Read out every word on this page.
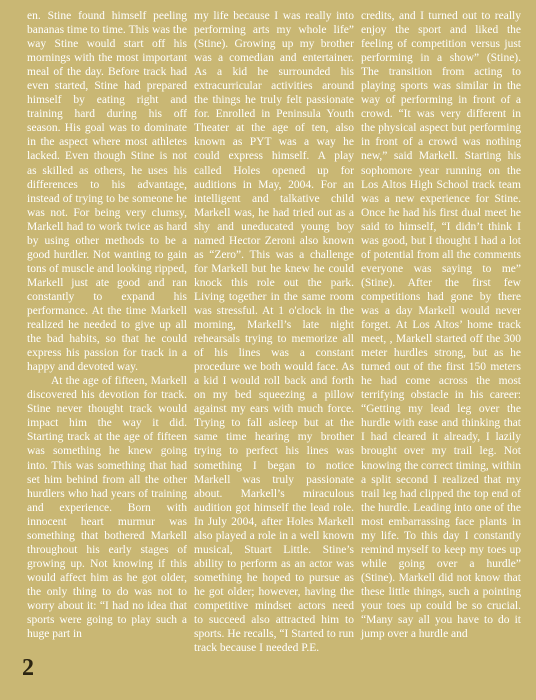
en. Stine found himself peeling bananas time to time. This was the way Stine would start off his mornings with the most important meal of the day. Before track had even started, Stine had prepared himself by eating right and training hard during his off season. His goal was to dominate in the aspect where most athletes lacked. Even though Stine is not as skilled as others, he uses his differences to his advantage, instead of trying to be someone he was not. For being very clumsy, Markell had to work twice as hard by using other methods to be a good hurdler. Not wanting to gain tons of muscle and looking ripped, Markell just ate good and ran constantly to expand his performance. At the time Markell realized he needed to give up all the bad habits, so that he could express his passion for track in a happy and devoted way.

At the age of fifteen, Markell discovered his devotion for track. Stine never thought track would impact him the way it did. Starting track at the age of fifteen was something he knew going into. This was something that had set him behind from all the other hurdlers who had years of training and experience. Born with innocent heart murmur was something that bothered Markell throughout his early stages of growing up. Not knowing if this would affect him as he got older, the only thing to do was not to worry about it: “I had no idea that sports were going to play such a huge part in

my life because I was really into performing arts my whole life” (Stine). Growing up my brother was a comedian and entertainer. As a kid he surrounded his extracurricular activities around the things he truly felt passionate for. Enrolled in Peninsula Youth Theater at the age of ten, also known as PYT was a way he could express himself. A play called Holes opened up for auditions in May, 2004. For an intelligent and talkative child Markell was, he had tried out as a shy and uneducated young boy named Hector Zeroni also known as “Zero”. This was a challenge for Markell but he knew he could knock this role out the park. Living together in the same room was stressful. At 1 o'clock in the morning, Markell’s late night rehearsals trying to memorize all of his lines was a constant procedure we both would face. As a kid I would roll back and forth on my bed squeezing a pillow against my ears with much force. Trying to fall asleep but at the same time hearing my brother trying to perfect his lines was something I began to notice Markell was truly passionate about. Markell’s miraculous audition got himself the lead role. In July 2004, after Holes Markell also played a role in a well known musical, Stuart Little. Stine’s ability to perform as an actor was something he hoped to pursue as he got older; however, having the competitive mindset actors need to succeed also attracted him to sports. He recalls, “I Started to run track because I needed P.E.

credits, and I turned out to really enjoy the sport and liked the feeling of competition versus just performing in a show” (Stine). The transition from acting to playing sports was similar in the way of performing in front of a crowd. “It was very different in the physical aspect but performing in front of a crowd was nothing new,” said Markell. Starting his sophomore year running on the Los Altos High School track team was a new experience for Stine. Once he had his first dual meet he said to himself, “I didn’t think I was good, but I thought I had a lot of potential from all the comments everyone was saying to me” (Stine). After the first few competitions had gone by there was a day Markell would never forget. At Los Altos’ home track meet, , Markell started off the 300 meter hurdles strong, but as he turned out of the first 150 meters he had come across the most terrifying obstacle in his career: “Getting my lead leg over the hurdle with ease and thinking that I had cleared it already, I lazily brought over my trail leg. Not knowing the correct timing, within a split second I realized that my trail leg had clipped the top end of the hurdle. Leading into one of the most embarrassing face plants in my life. To this day I constantly remind myself to keep my toes up while going over a hurdle” (Stine). Markell did not know that these little things, such a pointing your toes up could be so crucial. “Many say all you have to do it jump over a hurdle and

2
